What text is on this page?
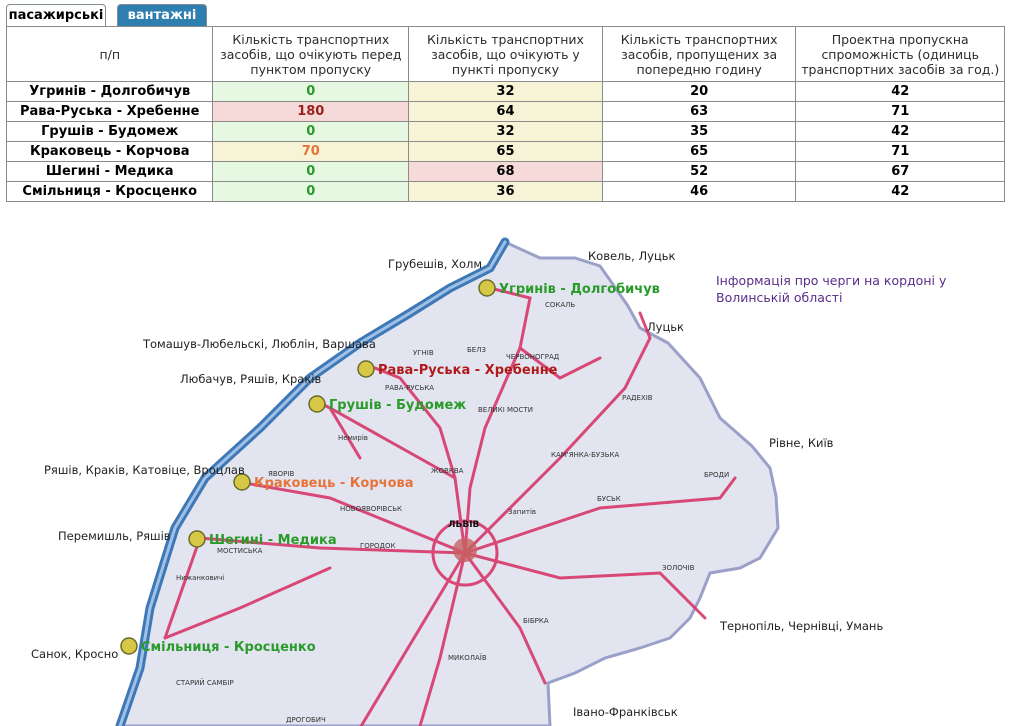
пасажирські	вантажні
п/п	Кількість транспортних засобів, що очікують перед пунктом пропуску	Кількість транспортних засобів, що очікують у пункті пропуску	Кількість транспортних засобів, пропущених за попередню годину	Проектна пропускна спроможність (одиниць транспортних засобів за год.)
Угринів - Долгобичув	0	32	20	42
Рава-Руська - Хребенне	180	64	63	71
Грушів - Будомеж	0	32	35	42
Краковець - Корчова	70	65	65	71
Шегині - Медика	0	68	52	67
Смільниця - Кросценко	0	36	46	42
Угринів - Долгобичув
Рава-Руська - Хребенне
Грушів - Будомеж
Краковець - Корчова
Шегині - Медика
Смільниця - Кросценко
Грубешів, Холм
Ковель, Луцьк
Луцьк
Томашув-Любельскі, Люблін, Варшава
Любачув, Ряшів, Краків
Ряшів, Краків, Катовіце, Вроцлав
Перемишль, Ряшів
Санок, Кросно
Рівне, Київ
Тернопіль, Чернівці, Умань
Івано-Франківськ
СОКАЛЬ
УГНІВ	БЕЛЗ
ЧЕРВОНОГРАД
РАВА-РУСЬКА
ВЕЛИКІ МОСТИ
РАДЕХІВ
Немирів
КАМ'ЯНКА-БУЗЬКА
ЖОВКВА
ЯВОРІВ
НОВОЯВОРІВСЬК
ЛЬВІВ
Запитів
БУСЬК
БРОДИ
ГОРОДОК
МОСТИСЬКА
Нижанковичі
ЗОЛОЧІВ
БІБРКА
МИКОЛАЇВ
СТАРИЙ САМБІР
ДРОГОБИЧ
Інформація про черги на кордоні у
Волинській області
